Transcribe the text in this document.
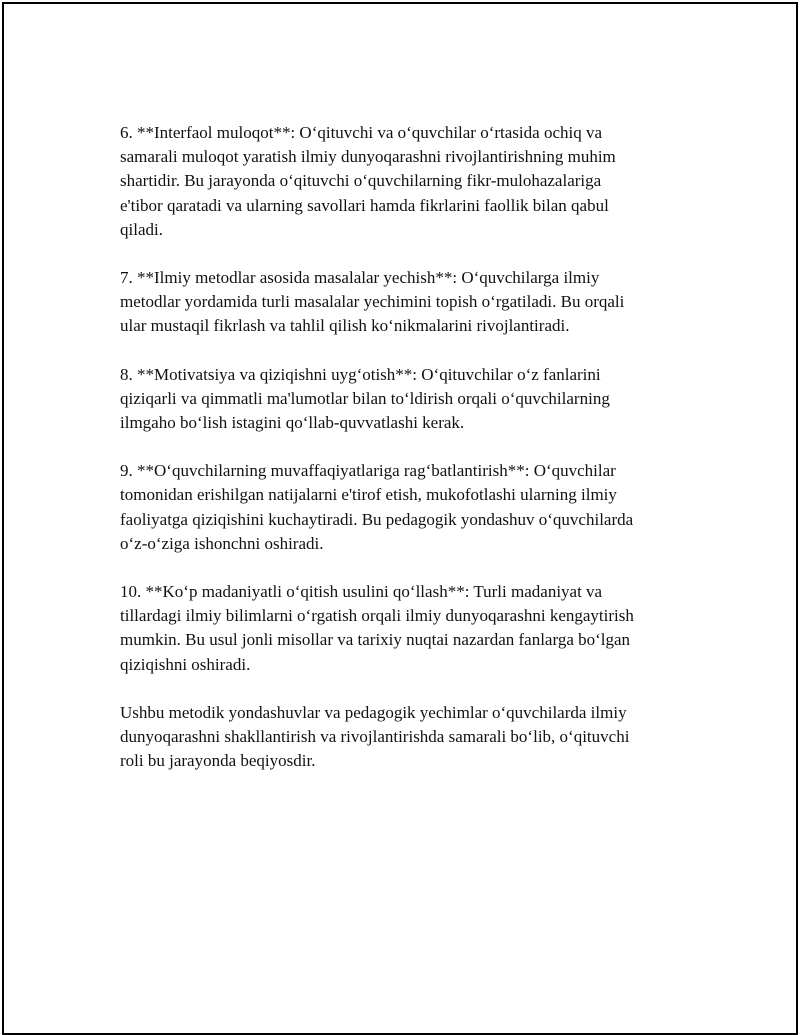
6. **Interfaol muloqot**: O‘qituvchi va o‘quvchilar o‘rtasida ochiq va
samarali muloqot yaratish ilmiy dunyoqarashni rivojlantirishning muhim
shartidir. Bu jarayonda o‘qituvchi o‘quvchilarning fikr-mulohazalariga
e'tibor qaratadi va ularning savollari hamda fikrlarini faollik bilan qabul
qiladi.

7. **Ilmiy metodlar asosida masalalar yechish**: O‘quvchilarga ilmiy
metodlar yordamida turli masalalar yechimini topish o‘rgatiladi. Bu orqali
ular mustaqil fikrlash va tahlil qilish ko‘nikmalarini rivojlantiradi.

8. **Motivatsiya va qiziqishni uyg‘otish**: O‘qituvchilar o‘z fanlarini
qiziqarli va qimmatli ma'lumotlar bilan to‘ldirish orqali o‘quvchilarning
ilmgaho bo‘lish istagini qo‘llab-quvvatlashi kerak.

9. **O‘quvchilarning muvaffaqiyatlariga rag‘batlantirish**: O‘quvchilar
tomonidan erishilgan natijalarni e'tirof etish, mukofotlashi ularning ilmiy
faoliyatga qiziqishini kuchaytiradi. Bu pedagogik yondashuv o‘quvchilarda
o‘z-o‘ziga ishonchni oshiradi.

10. **Ko‘p madaniyatli o‘qitish usulini qo‘llash**: Turli madaniyat va
tillardagi ilmiy bilimlarni o‘rgatish orqali ilmiy dunyoqarashni kengaytirish
mumkin. Bu usul jonli misollar va tarixiy nuqtai nazardan fanlarga bo‘lgan
qiziqishni oshiradi.

Ushbu metodik yondashuvlar va pedagogik yechimlar o‘quvchilarda ilmiy
dunyoqarashni shakllantirish va rivojlantirishda samarali bo‘lib, o‘qituvchi
roli bu jarayonda beqiyosdir.
